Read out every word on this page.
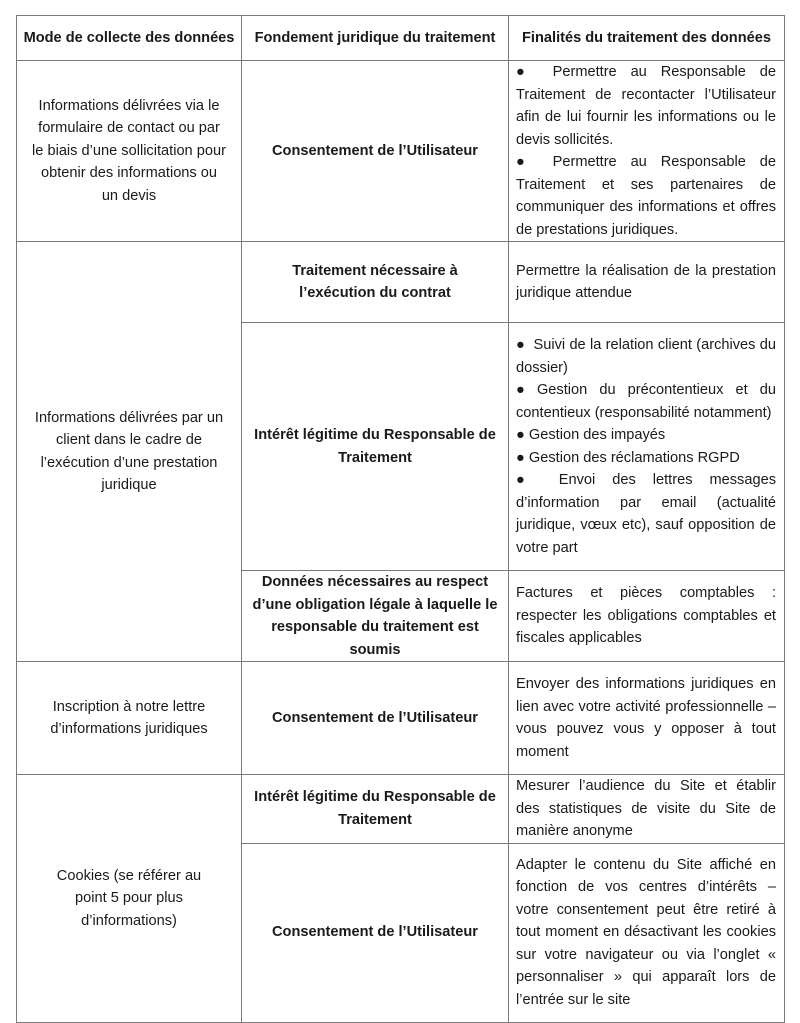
Mode de collecte des données	Fondement juridique du traitement	Finalités du traitement des données
Informations délivrées via le formulaire de contact ou par le biais d’une sollicitation pour obtenir des informations ou un devis	Consentement de l’Utilisateur	● Permettre au Responsable de Traitement de recontacter l’Utilisateur afin de lui fournir les informations ou le devis sollicités.
● Permettre au Responsable de Traitement et ses partenaires de communiquer des informations et offres de prestations juridiques.

Informations délivrées par un client dans le cadre de l’exécution d’une prestation juridique	Traitement nécessaire à l’exécution du contrat	Permettre la réalisation de la prestation juridique attendue

	Intérêt légitime du Responsable de Traitement	● Suivi de la relation client (archives du dossier)
● Gestion du précontentieux et du contentieux (responsabilité notamment)
● Gestion des impayés
● Gestion des réclamations RGPD
● Envoi des lettres messages d’information par email (actualité juridique, vœux etc), sauf opposition de votre part

	Données nécessaires au respect d’une obligation légale à laquelle le responsable du traitement est soumis	Factures et pièces comptables : respecter les obligations comptables et fiscales applicables

Inscription à notre lettre d’informations juridiques	Consentement de l’Utilisateur	Envoyer des informations juridiques en lien avec votre activité professionnelle – vous pouvez vous y opposer à tout moment

Cookies (se référer au point 5 pour plus d’informations)	Intérêt légitime du Responsable de Traitement	Mesurer l’audience du Site et établir des statistiques de visite du Site de manière anonyme

	Consentement de l’Utilisateur	Adapter le contenu du Site affiché en fonction de vos centres d’intérêts – votre consentement peut être retiré à tout moment en désactivant les cookies sur votre navigateur ou via l’onglet « personnaliser » qui apparaît lors de l’entrée sur le site
